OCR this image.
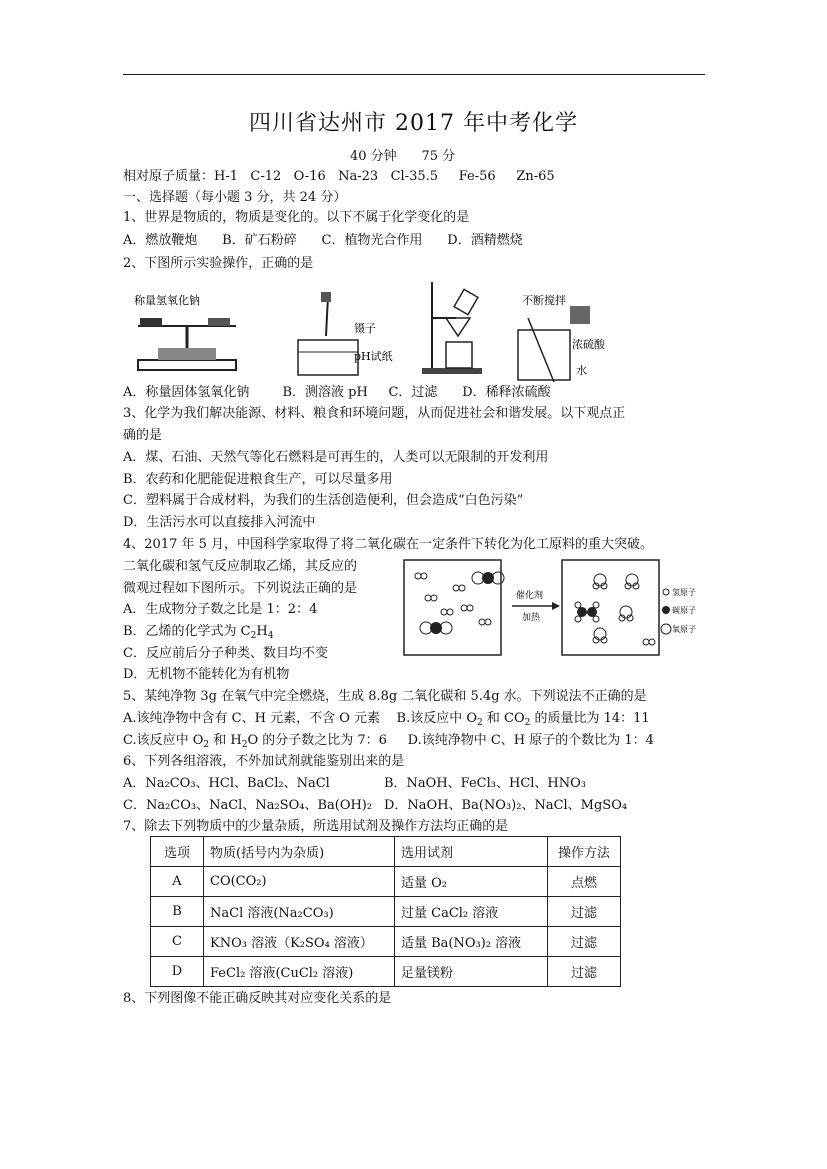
四川省达州市 2017 年中考化学
40 分钟      75 分
相对原子质量：H-1   C-12   O-16   Na-23   Cl-35.5     Fe-56     Zn-65
一、选择题（每小题 3 分，共 24 分）
1、世界是物质的，物质是变化的。以下不属于化学变化的是
A．燃放鞭炮      B．矿石粉碎      C．植物光合作用      D．酒精燃烧
2、下图所示实验操作，正确的是
称量氢氧化钠
镊子
pH试纸
不断搅拌
浓硫酸
水
A．称量固体氢氧化钠        B．测溶液 pH     C．过滤      D．稀释浓硫酸
3、化学为我们解决能源、材料、粮食和环境问题，从而促进社会和谐发展。以下观点正
确的是
A．煤、石油、天然气等化石燃料是可再生的，人类可以无限制的开发利用
B．农药和化肥能促进粮食生产，可以尽量多用
C．塑料属于合成材料，为我们的生活创造便利，但会造成“白色污染”
D．生活污水可以直接排入河流中
4、2017 年 5 月，中国科学家取得了将二氧化碳在一定条件下转化为化工原料的重大突破。
二氧化碳和氢气反应制取乙烯，其反应的
微观过程如下图所示。下列说法正确的是
A．生成物分子数之比是 1：2：4
B．乙烯的化学式为 $C_2H_4$
C．反应前后分子种类、数目均不变
D．无机物不能转化为有机物
催化剂
加热
氢原子
碳原子
氧原子
5、某纯净物 3g 在氧气中完全燃烧，生成 8.8g 二氧化碳和 5.4g 水。下列说法不正确的是
A.该纯净物中含有 C、H 元素，不含 O 元素    B.该反应中 $O_2$ 和 $CO_2$ 的质量比为 14：11
C.该反应中 $O_2$ 和 $H_2O$ 的分子数之比为 7：6     D.该纯净物中 C、H 原子的个数比为 1：4
6、下列各组溶液，不外加试剂就能鉴别出来的是
A．Na₂CO₃、HCl、BaCl₂、NaCl	B．NaOH、FeCl₃、HCl、HNO₃
C．Na₂CO₃、NaCl、Na₂SO₄、Ba(OH)₂ D．NaOH、Ba(NO₃)₂、NaCl、MgSO₄
7、除去下列物质中的少量杂质，所选用试剂及操作方法均正确的是
选项	物质(括号内为杂质)	选用试剂	操作方法
A	CO(CO₂)	适量 O₂	点燃
B	NaCl 溶液(Na₂CO₃)	过量 CaCl₂ 溶液	过滤
C	KNO₃ 溶液（K₂SO₄ 溶液）	适量 Ba(NO₃)₂ 溶液	过滤
D	FeCl₂ 溶液(CuCl₂ 溶液)	足量镁粉	过滤
8、下列图像不能正确反映其对应变化关系的是
